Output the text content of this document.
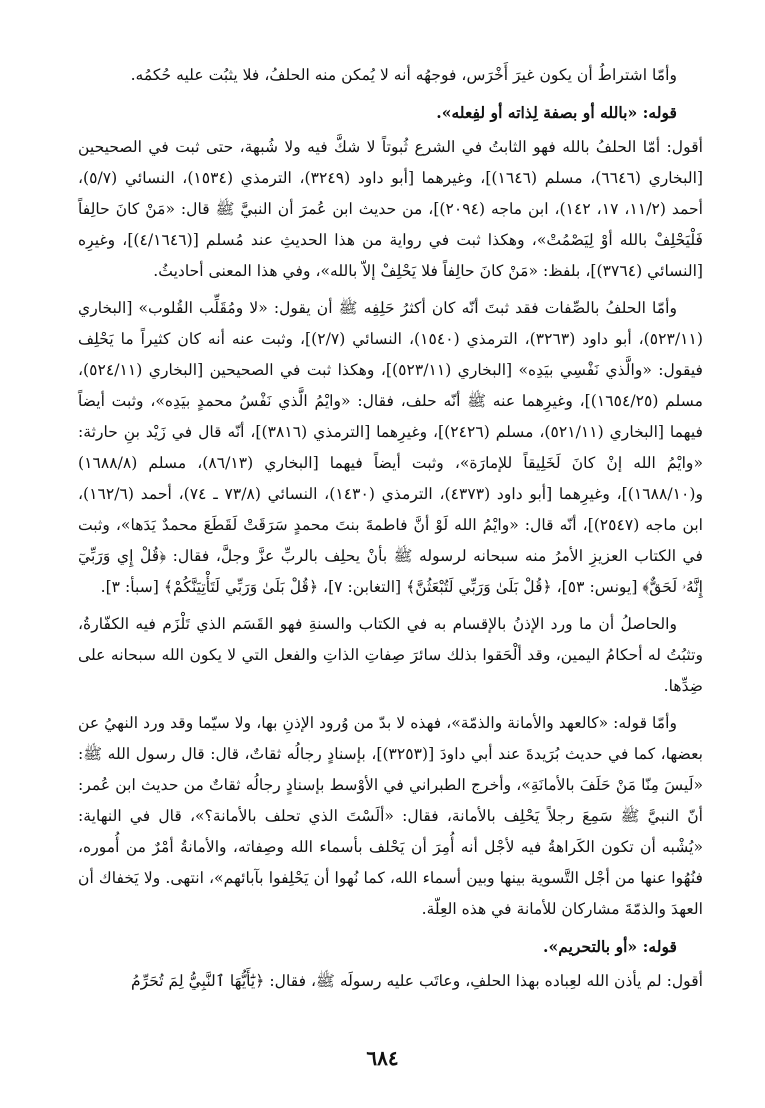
وأمّا اشتراطُ أن يكون غيرَ أَخْرَس، فوجهُه أنه لا يُمكن منه الحلفُ، فلا يثبُت عليه حُكمُه.

قوله: «بالله أو بصفة لِذاته أو لفِعله».

أقول: أمّا الحلفُ بالله فهو الثابتُ في الشرع ثُبوتاً لا شكَّ فيه ولا شُبهة، حتى ثبت في الصحيحين [البخاري (٦٦٤٦)، مسلم (١٦٤٦)]، وغيرهما [أبو داود (٣٢٤٩)، الترمذي (١٥٣٤)، النسائي (٥/٧)، أحمد (١١/٢، ١٧، ١٤٢)، ابن ماجه (٢٠٩٤)]، من حديث ابن عُمرَ أن النبيَّ ﷺ قال: «مَنْ كانَ حالِفاً فَلْيَحْلِفْ بالله أوْ لِيَصْمُتْ»، وهكذا ثبت في رواية من هذا الحديثِ عند مُسلم [(٤/١٦٤٦)]، وغيرِه [النسائي (٣٧٦٤)]، بلفظ: «مَنْ كانَ حالِفاً فلا يَحْلِفْ إلاّ بالله»، وفي هذا المعنى أحاديثُ.

وأمّا الحلفُ بالصِّفات فقد ثبتَ أنّه كان أكثرُ حَلِفِه ﷺ أن يقول: «لا ومُقَلِّب القُلوب» [البخاري (٥٢٣/١١)، أبو داود (٣٢٦٣)، الترمذي (١٥٤٠)، النسائي (٢/٧)]، وثبت عنه أنه كان كثيراً ما يَحْلِف فيقول: «والَّذي نَفْسِي بيَدِه» [البخاري (٥٢٣/١١)]، وهكذا ثبت في الصحيحين [البخاري (٥٢٤/١١)، مسلم (١٦٥٤/٢٥)]، وغيرِهما عنه ﷺ أنّه حلف، فقال: «وايْمُ الَّذي نَفْسُ محمدٍ بيَدِه»، وثبت أيضاً فيهما [البخاري (٥٢١/١١)، مسلم (٢٤٢٦)]، وغيرِهما [الترمذي (٣٨١٦)]، أنّه قال في زَيْد بنِ حارثة: «وايْمُ الله إنْ كانَ لَخَلِيقاً للإمارَة»، وثبت أيضاً فيهما [البخاري (٨٦/١٣)، مسلم (١٦٨٨/٨) و(١٦٨٨/١٠)]، وغيرِهما [أبو داود (٤٣٧٣)، الترمذي (١٤٣٠)، النسائي (٧٣/٨ ـ ٧٤)، أحمد (١٦٢/٦)، ابن ماجه (٢٥٤٧)]، أنّه قال: «وايْمُ الله لَوْ أنَّ فاطمةَ بنتَ محمدٍ سَرَقَتْ لَقَطَعَ محمدٌ يَدَها»، وثبت في الكتاب العزيزِ الأمرُ منه سبحانه لرسوله ﷺ بأنْ يحلِف بالربِّ عزَّ وجلَّ، فقال: ﴿قُلْ إِي وَرَبِّيٓ إِنَّهُۥ لَحَقٌّ﴾ [يونس: ٥٣]، ﴿قُلْ بَلَىٰ وَرَبِّي لَتُبْعَثُنَّ﴾ [التغابن: ٧]، ﴿قُلْ بَلَىٰ وَرَبِّي لَتَأْتِيَنَّكُمْ﴾ [سبأ: ٣].

والحاصلُ أن ما ورد الإذنُ بالإقسام به في الكتاب والسنةِ فهو القَسَم الذي تَلْزَم فيه الكفّارةُ، وتثبُتُ له أحكامُ اليمين، وقد ألْحَقوا بذلك سائرَ صِفاتِ الذاتِ والفعل التي لا يكون الله سبحانه على ضِدِّها.

وأمّا قوله: «كالعهد والأمانة والذمّة»، فهذه لا بدّ من وُرود الإذنِ بها، ولا سيّما وقد ورد النهيُ عن بعضها، كما في حديث بُرَيدةَ عند أبي داودَ [(٣٢٥٣)]، بإسنادٍ رجالُه ثقاتٌ، قال: قال رسول الله ﷺ: «لَيسَ مِنّا مَنْ حَلَفَ بالأمانَةِ»، وأخرج الطبراني في الأوْسط بإسنادٍ رجالُه ثقاتٌ من حديث ابن عُمر: أنّ النبيَّ ﷺ سَمِعَ رجلاً يَحْلِف بالأمانة، فقال: «ألَسْتَ الذي تحلف بالأمانة؟»، قال في النهاية: «يُشْبه أن تكون الكَراهةُ فيه لأجْل أنه أُمِرَ أن يَحْلف بأسماء الله وصِفاته، والأمانةُ أمْرٌ من أُموره، فنُهُوا عنها من أجْل التَّسوية بينها وبين أسماء الله، كما نُهوا أن يَحْلِفوا بآبائهم»، انتهى. ولا يَخفاك أن العهدَ والذمّةَ مشاركان للأمانة في هذه العِلّة.

قوله: «أو بالتحريم».

أقول: لم يأذن الله لعِباده بهذا الحلفِ، وعاتَب عليه رسولَه ﷺ، فقال: ﴿يَٰٓأَيُّهَا ٱلنَّبِيُّ لِمَ تُحَرِّمُ

٦٨٤
